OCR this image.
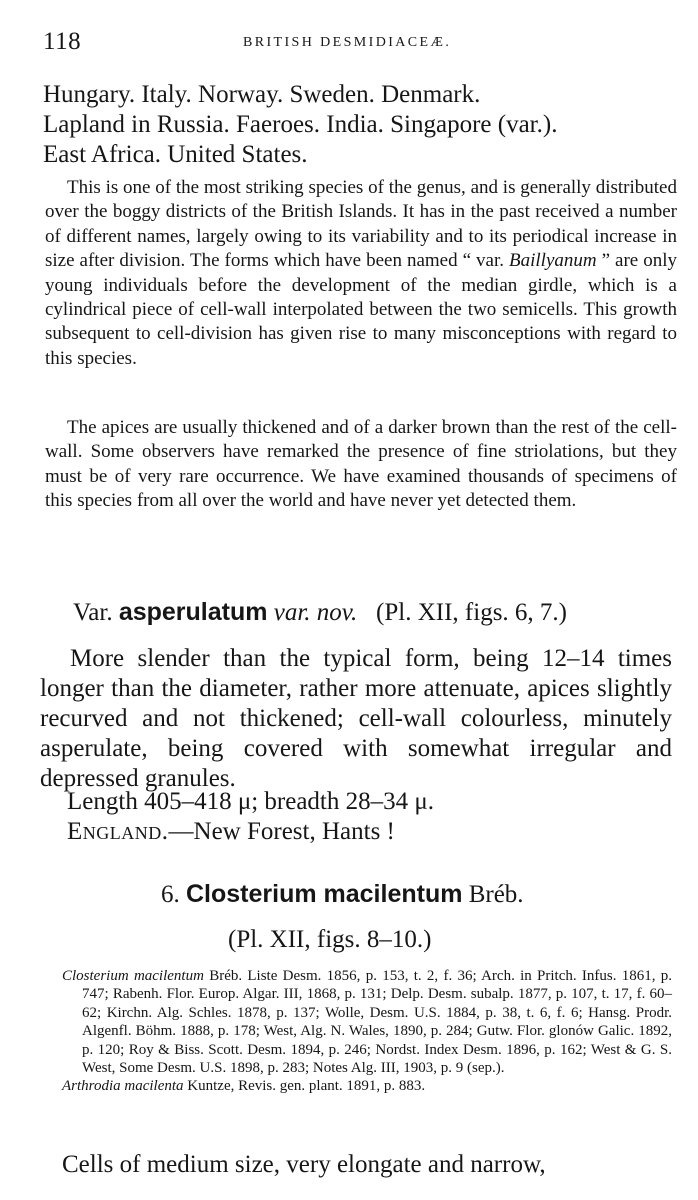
118	BRITISH DESMIDIACEÆ.
Hungary. Italy. Norway. Sweden. Denmark.
Lapland in Russia. Faeroes. India. Singapore (var.).
East Africa. United States.

This is one of the most striking species of the genus, and is generally distributed over the boggy districts of the British Islands. It has in the past received a number of different names, largely owing to its variability and to its periodical increase in size after division. The forms which have been named “ var. Baillyanum ” are only young individuals before the development of the median girdle, which is a cylindrical piece of cell-wall interpolated between the two semicells. This growth subsequent to cell-division has given rise to many misconceptions with regard to this species.

The apices are usually thickened and of a darker brown than the rest of the cell-wall. Some observers have remarked the presence of fine striolations, but they must be of very rare occurrence. We have examined thousands of specimens of this species from all over the world and have never yet detected them.

Var. asperulatum var. nov. (Pl. XII, figs. 6, 7.)

More slender than the typical form, being 12–14 times longer than the diameter, rather more attenuate, apices slightly recurved and not thickened; cell-wall colourless, minutely asperulate, being covered with somewhat irregular and depressed granules.

Length 405–418 μ; breadth 28–34 μ.
England.—New Forest, Hants !
6. Closterium macilentum Bréb.
(Pl. XII, figs. 8–10.)
Closterium macilentum Bréb. Liste Desm. 1856, p. 153, t. 2, f. 36; Arch. in Pritch. Infus. 1861, p. 747; Rabenh. Flor. Europ. Algar. III, 1868, p. 131; Delp. Desm. subalp. 1877, p. 107, t. 17, f. 60–62; Kirchn. Alg. Schles. 1878, p. 137; Wolle, Desm. U.S. 1884, p. 38, t. 6, f. 6; Hansg. Prodr. Algenfl. Böhm. 1888, p. 178; West, Alg. N. Wales, 1890, p. 284; Gutw. Flor. glonów Galic. 1892, p. 120; Roy & Biss. Scott. Desm. 1894, p. 246; Nordst. Index Desm. 1896, p. 162; West & G. S. West, Some Desm. U.S. 1898, p. 283; Notes Alg. III, 1903, p. 9 (sep.).
Arthrodia macilenta Kuntze, Revis. gen. plant. 1891, p. 883.
Cells of medium size, very elongate and narrow,
